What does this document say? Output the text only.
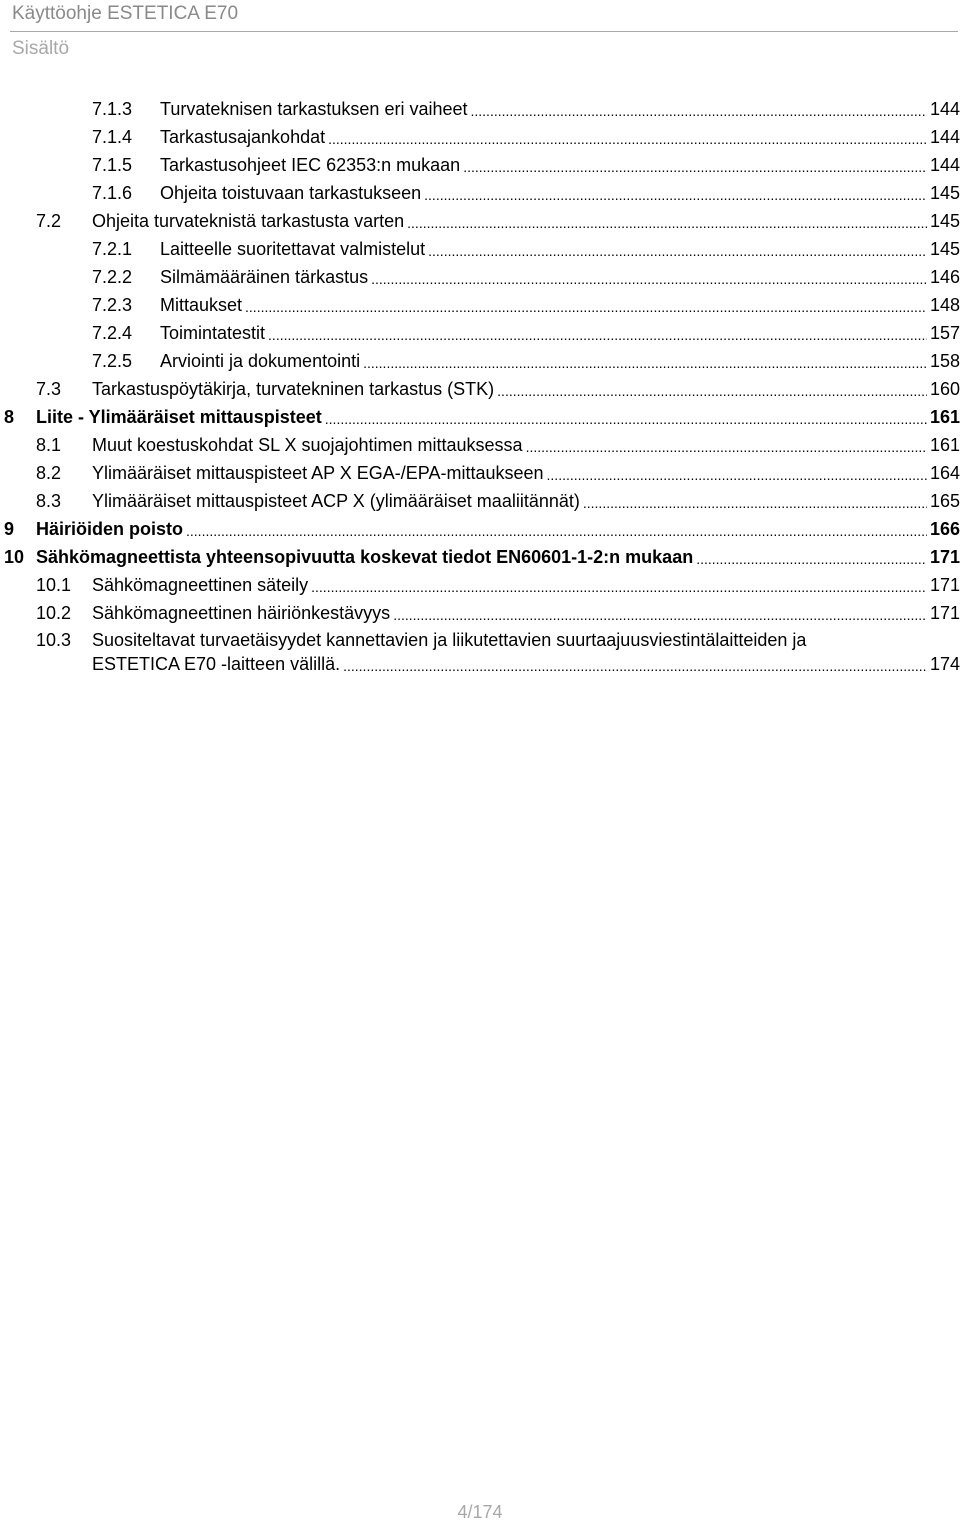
Käyttöohje ESTETICA E70
Sisältö
7.1.3 Turvateknisen tarkastuksen eri vaiheet .....	144
7.1.4 Tarkastusajankohdat .....	144
7.1.5 Tarkastusohjeet IEC 62353:n mukaan .....	144
7.1.6 Ohjeita toistuvaan tarkastukseen .....	145
7.2 Ohjeita turvateknistä tarkastusta varten .....	145
7.2.1 Laitteelle suoritettavat valmistelut .....	145
7.2.2 Silmämääräinen tärkastus .....	146
7.2.3 Mittaukset .....	148
7.2.4 Toimintatestit .....	157
7.2.5 Arviointi ja dokumentointi .....	158
7.3 Tarkastuspöytäkirja, turvatekninen tarkastus (STK) .....	160
8 Liite - Ylimääräiset mittauspisteet .....	161
8.1 Muut koestuskohdat SL X suojajohtimen mittauksessa .....	161
8.2 Ylimääräiset mittauspisteet AP X EGA-/EPA-mittaukseen .....	164
8.3 Ylimääräiset mittauspisteet ACP X (ylimääräiset maaliitännät) .....	165
9 Häiriöiden poisto .....	166
10 Sähkömagneettista yhteensopivuutta koskevat tiedot EN60601-1-2:n mukaan .....	171
10.1 Sähkömagneettinen säteily .....	171
10.2 Sähkömagneettinen häiriönkestävyys .....	171
10.3 Suositeltavat turvaetäisyydet kannettavien ja liikutettavien suurtaajuusviestintälaitteiden ja
ESTETICA E70 -laitteen välillä. .....	174
4/174
